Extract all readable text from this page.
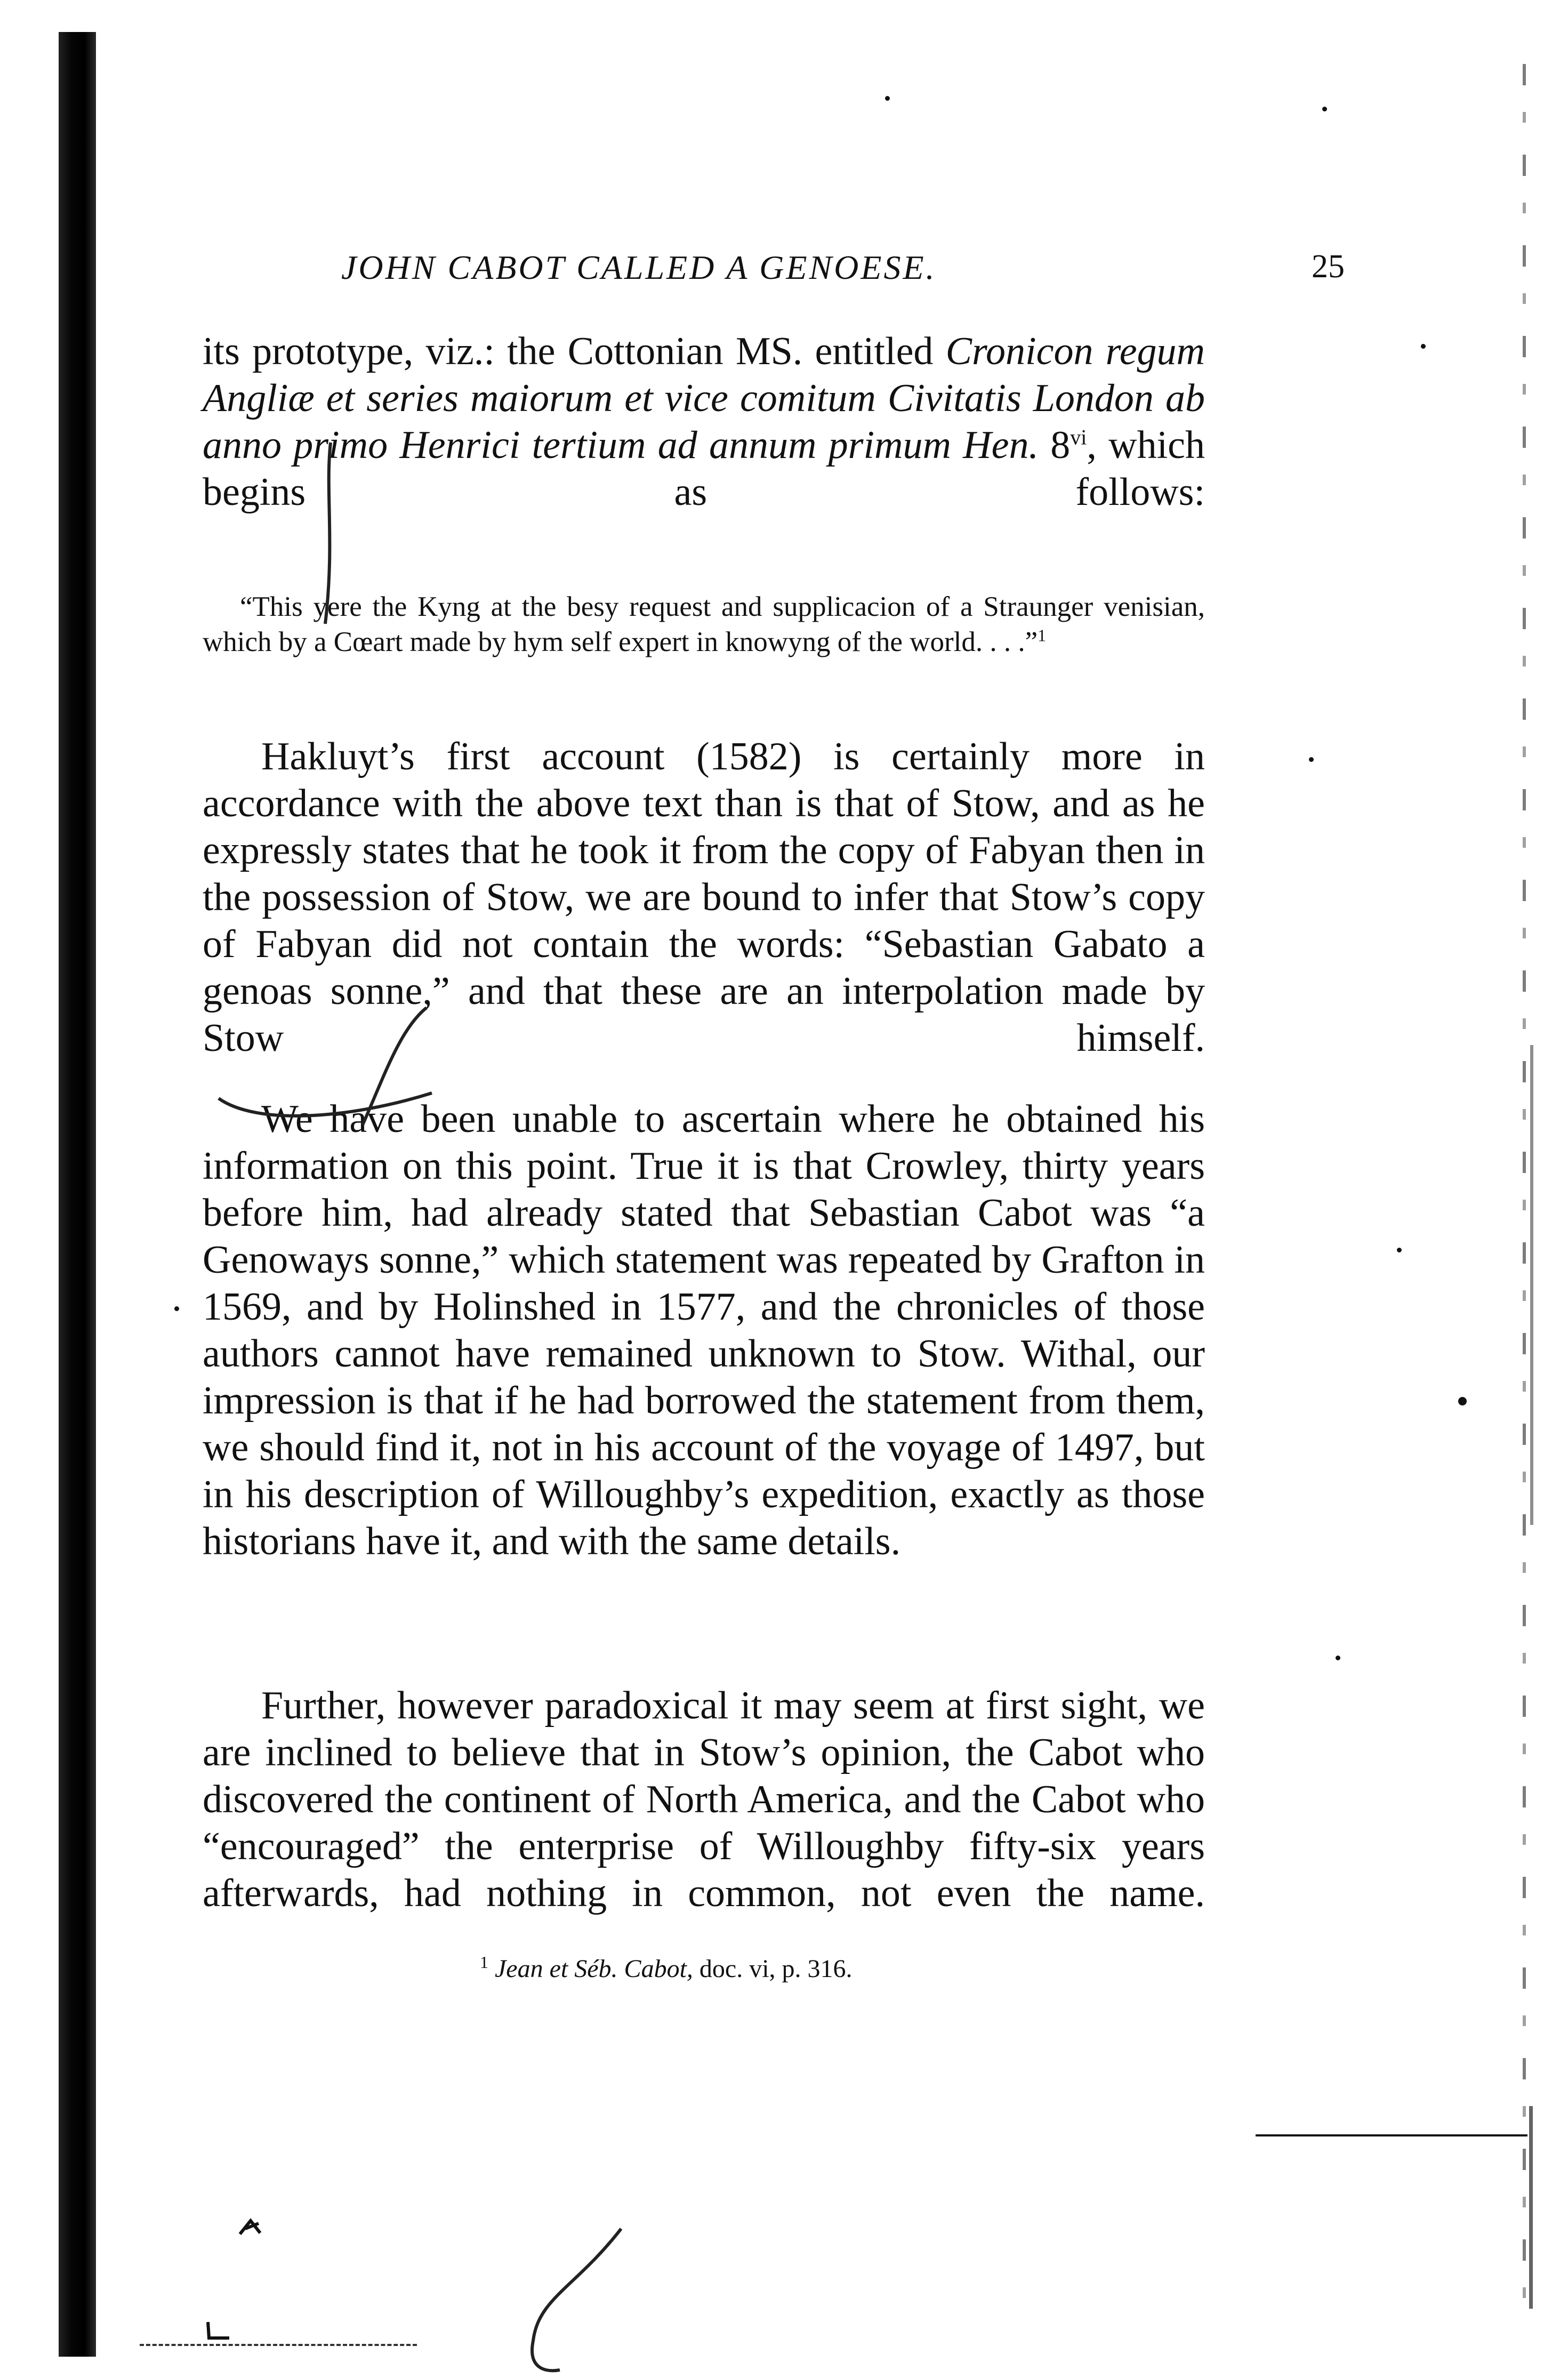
JOHN CABOT CALLED A GENOESE.	25

its prototype, viz.: the Cottonian MS. entitled Cronicon regum Angliæ et series maiorum et vice comitum Civitatis London ab anno primo Henrici tertium ad annum primum Hen. 8$^{vi}$, which begins as follows:

“This yere the Kyng at the besy request and supplicacion of a Straunger venisian, which by a Cœart made by hym self expert in knowyng of the world. . . .”$^1$

Hakluyt’s first account (1582) is certainly more in accordance with the above text than is that of Stow, and as he expressly states that he took it from the copy of Fabyan then in the possession of Stow, we are bound to infer that Stow’s copy of Fabyan did not contain the words: “Sebastian Gabato a genoas sonne,” and that these are an interpolation made by Stow himself.

We have been unable to ascertain where he obtained his information on this point. True it is that Crowley, thirty years before him, had already stated that Sebastian Cabot was “a Genoways sonne,” which statement was repeated by Grafton in 1569, and by Holinshed in 1577, and the chronicles of those authors cannot have remained unknown to Stow. Withal, our impression is that if he had borrowed the statement from them, we should find it, not in his account of the voyage of 1497, but in his description of Willoughby’s expedition, exactly as those historians have it, and with the same details.

Further, however paradoxical it may seem at first sight, we are inclined to believe that in Stow’s opinion, the Cabot who discovered the continent of North America, and the Cabot who “encouraged” the enterprise of Willoughby fifty-six years afterwards, had nothing in common, not even the name.

$^1$ Jean et Séb. Cabot, doc. vi, p. 316.
